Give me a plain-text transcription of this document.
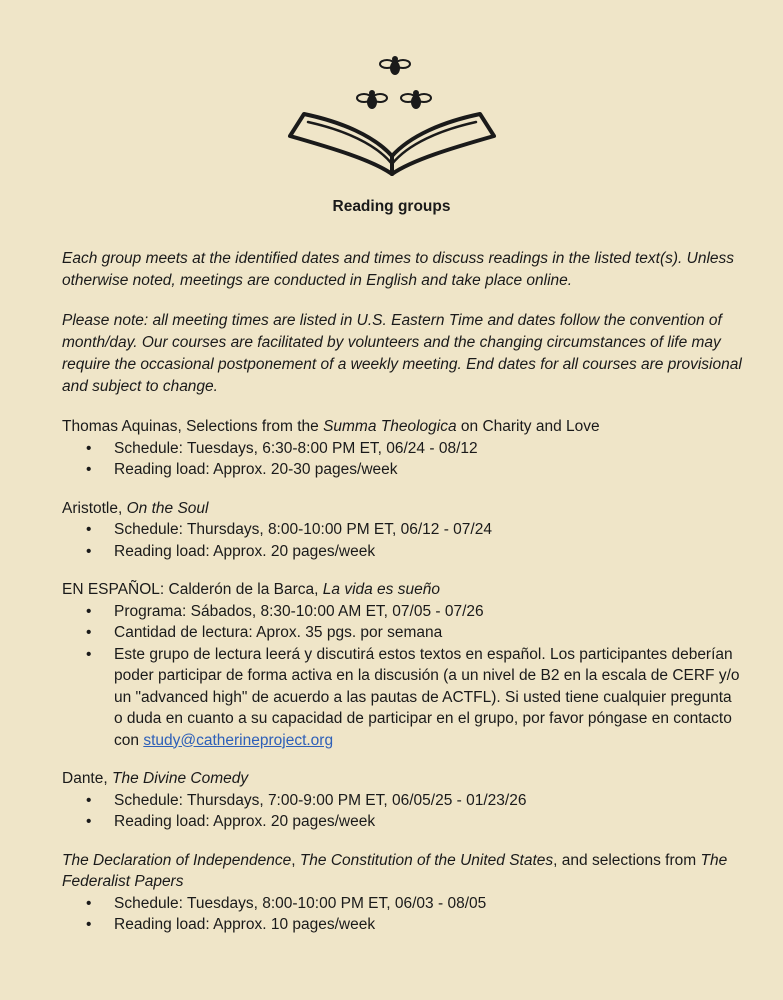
Reading groups

Each group meets at the identified dates and times to discuss readings in the listed text(s). Unless otherwise noted, meetings are conducted in English and take place online.

Please note: all meeting times are listed in U.S. Eastern Time and dates follow the convention of month/day. Our courses are facilitated by volunteers and the changing circumstances of life may require the occasional postponement of a weekly meeting. End dates for all courses are provisional and subject to change.

Thomas Aquinas, Selections from the Summa Theologica on Charity and Love

• Schedule: Tuesdays, 6:30-8:00 PM ET, 06/24 - 08/12
• Reading load: Approx. 20-30 pages/week

Aristotle, On the Soul

• Schedule: Thursdays, 8:00-10:00 PM ET, 06/12 - 07/24
• Reading load: Approx. 20 pages/week

EN ESPAÑOL: Calderón de la Barca, La vida es sueño

• Programa: Sábados, 8:30-10:00 AM ET, 07/05 - 07/26
• Cantidad de lectura: Aprox. 35 pgs. por semana
• Este grupo de lectura leerá y discutirá estos textos en español. Los participantes deberían poder participar de forma activa en la discusión (a un nivel de B2 en la escala de CERF y/o un "advanced high" de acuerdo a las pautas de ACTFL). Si usted tiene cualquier pregunta o duda en cuanto a su capacidad de participar en el grupo, por favor póngase en contacto con study@catherineproject.org

Dante, The Divine Comedy

• Schedule: Thursdays, 7:00-9:00 PM ET, 06/05/25 - 01/23/26
• Reading load: Approx. 20 pages/week

The Declaration of Independence, The Constitution of the United States, and selections from The Federalist Papers

• Schedule: Tuesdays, 8:00-10:00 PM ET, 06/03 - 08/05
• Reading load: Approx. 10 pages/week
